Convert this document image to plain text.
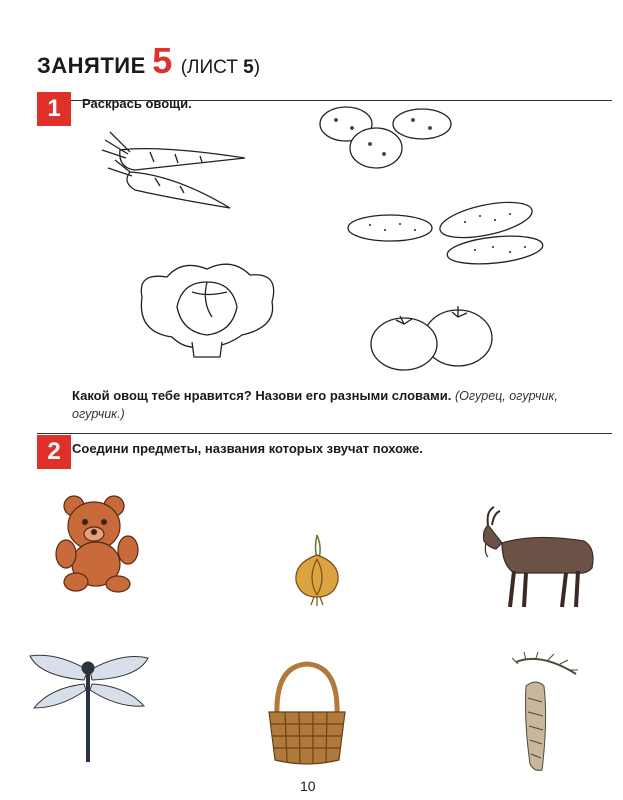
ЗАНЯТИЕ 5 (ЛИСТ 5)
1	Раскрась овощи.
Какой овощ тебе нравится? Назови его разными словами. (Огурец, огурчик, огурчик.)
2 Соедини предметы, названия которых звучат похоже.
10
